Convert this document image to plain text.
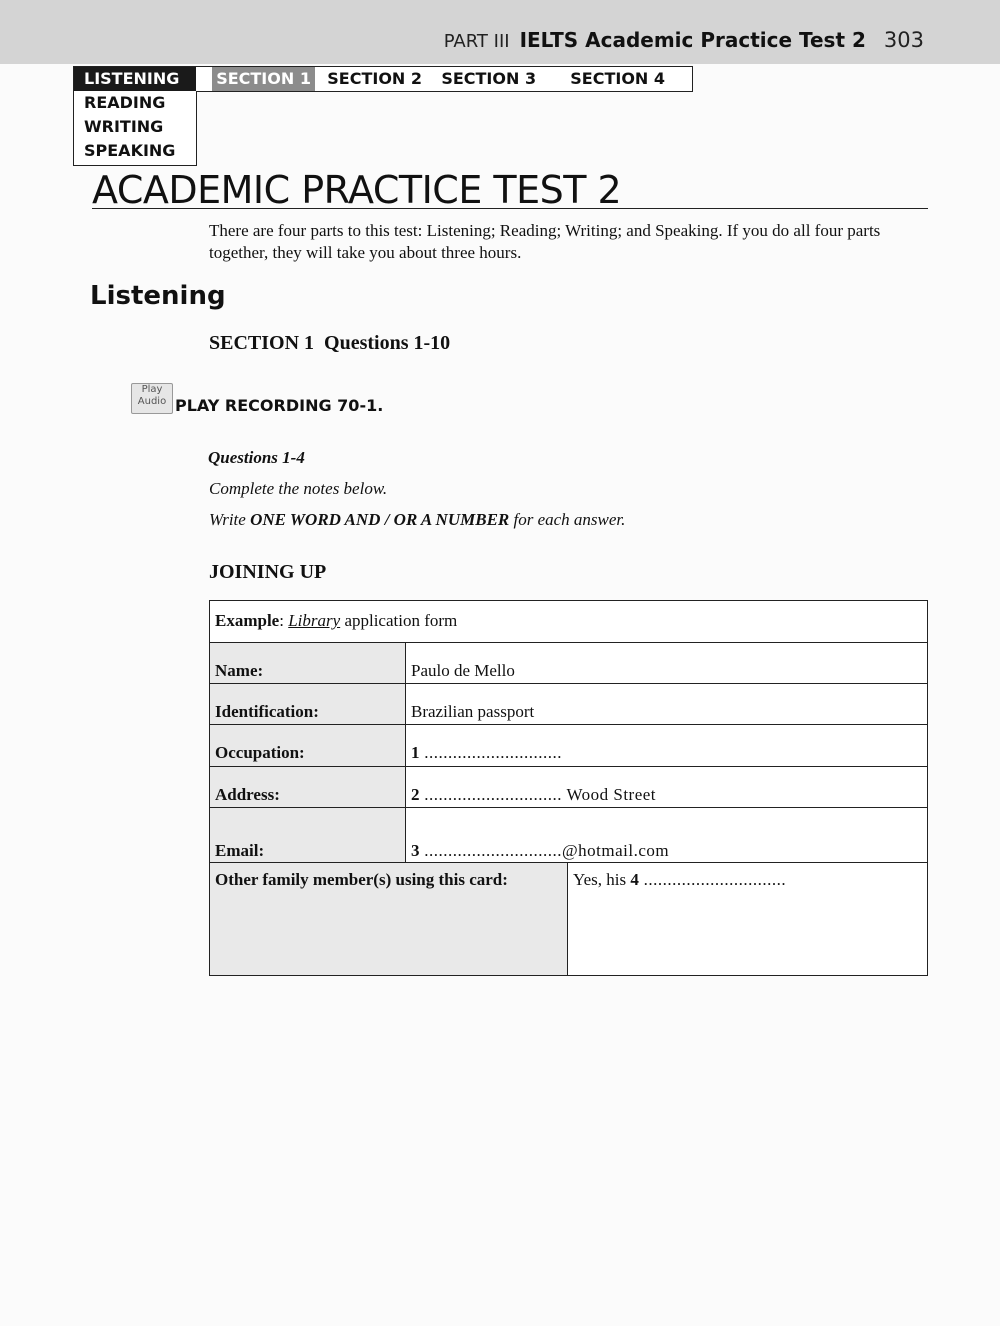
PART III IELTS Academic Practice Test 2 303
LISTENING
READING
WRITING
SPEAKING
SECTION 1	SECTION 2	SECTION 3	SECTION 4
ACADEMIC PRACTICE TEST 2
There are four parts to this test: Listening; Reading; Writing; and Speaking. If you do all four parts together, they will take you about three hours.
Listening
SECTION 1  Questions 1-10
Play
Audio PLAY RECORDING 70-1.
Questions 1-4
Complete the notes below.
Write ONE WORD AND / OR A NUMBER for each answer.
JOINING UP
Example: Library application form
Name:	Paulo de Mello
Identification:	Brazilian passport
Occupation:	1 .............................
Address:	2 ............................. Wood Street
Email:	3 .............................@hotmail.com
Other family member(s) using this card:	Yes, his 4 ..............................
